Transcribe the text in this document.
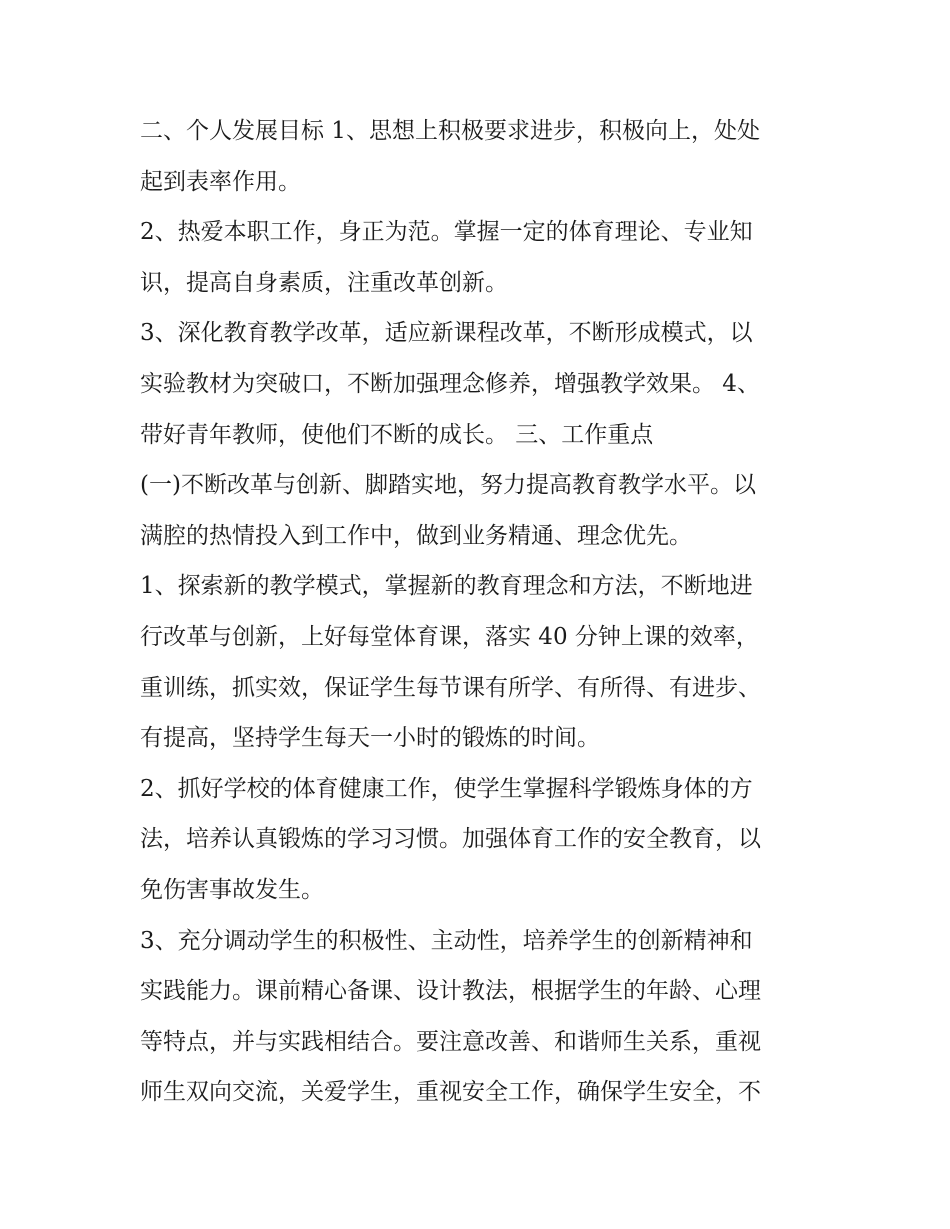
二、个人发展目标 1、思想上积极要求进步，积极向上，处处
起到表率作用。
2、热爱本职工作，身正为范。掌握一定的体育理论、专业知
识，提高自身素质，注重改革创新。
3、深化教育教学改革，适应新课程改革，不断形成模式，以
实验教材为突破口，不断加强理念修养，增强教学效果。 4、
带好青年教师，使他们不断的成长。 三、工作重点
(一)不断改革与创新、脚踏实地，努力提高教育教学水平。以
满腔的热情投入到工作中，做到业务精通、理念优先。
1、探索新的教学模式，掌握新的教育理念和方法，不断地进
行改革与创新，上好每堂体育课，落实 40 分钟上课的效率，
重训练，抓实效，保证学生每节课有所学、有所得、有进步、
有提高，坚持学生每天一小时的锻炼的时间。
2、抓好学校的体育健康工作，使学生掌握科学锻炼身体的方
法，培养认真锻炼的学习习惯。加强体育工作的安全教育，以
免伤害事故发生。
3、充分调动学生的积极性、主动性，培养学生的创新精神和
实践能力。课前精心备课、设计教法，根据学生的年龄、心理
等特点，并与实践相结合。要注意改善、和谐师生关系，重视
师生双向交流，关爱学生，重视安全工作，确保学生安全，不
